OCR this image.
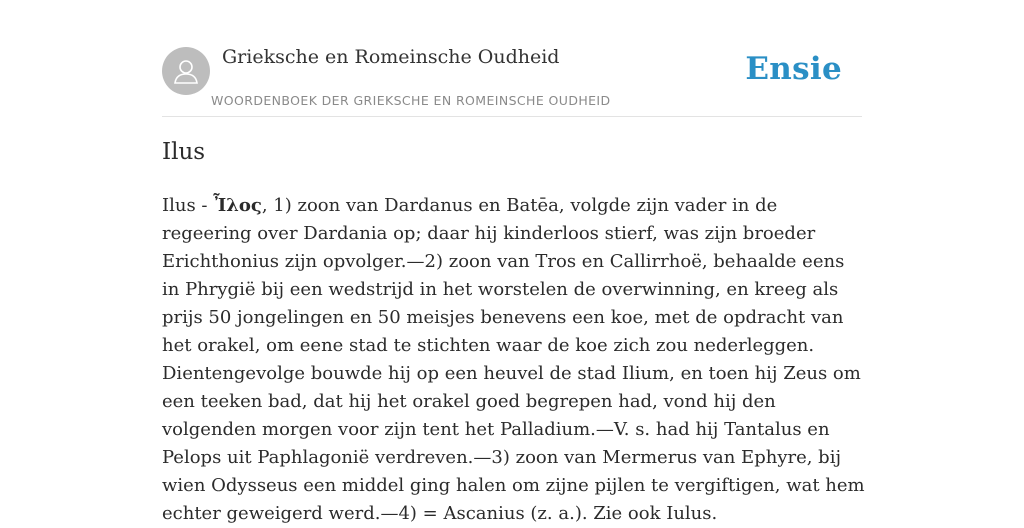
Grieksche en Romeinsche Oudheid
WOORDENBOEK DER GRIEKSCHE EN ROMEINSCHE OUDHEID
Ensie
Ilus

Ilus - Ἶλος, 1) zoon van Dardanus en Batēa, volgde zijn vader in de regeering over Dardania op; daar hij kinderloos stierf, was zijn broeder Erichthonius zijn opvolger.—2) zoon van Tros en Callirrhoë, behaalde eens in Phrygië bij een wedstrijd in het worstelen de overwinning, en kreeg als prijs 50 jongelingen en 50 meisjes benevens een koe, met de opdracht van het orakel, om eene stad te stichten waar de koe zich zou nederleggen. Dientengevolge bouwde hij op een heuvel de stad Ilium, en toen hij Zeus om een teeken bad, dat hij het orakel goed begrepen had, vond hij den volgenden morgen voor zijn tent het Palladium.—V. s. had hij Tantalus en Pelops uit Paphlagonië verdreven.—3) zoon van Mermerus van Ephyre, bij wien Odysseus een middel ging halen om zijne pijlen te vergiftigen, wat hem echter geweigerd werd.—4) = Ascanius (z. a.). Zie ook Iulus.
